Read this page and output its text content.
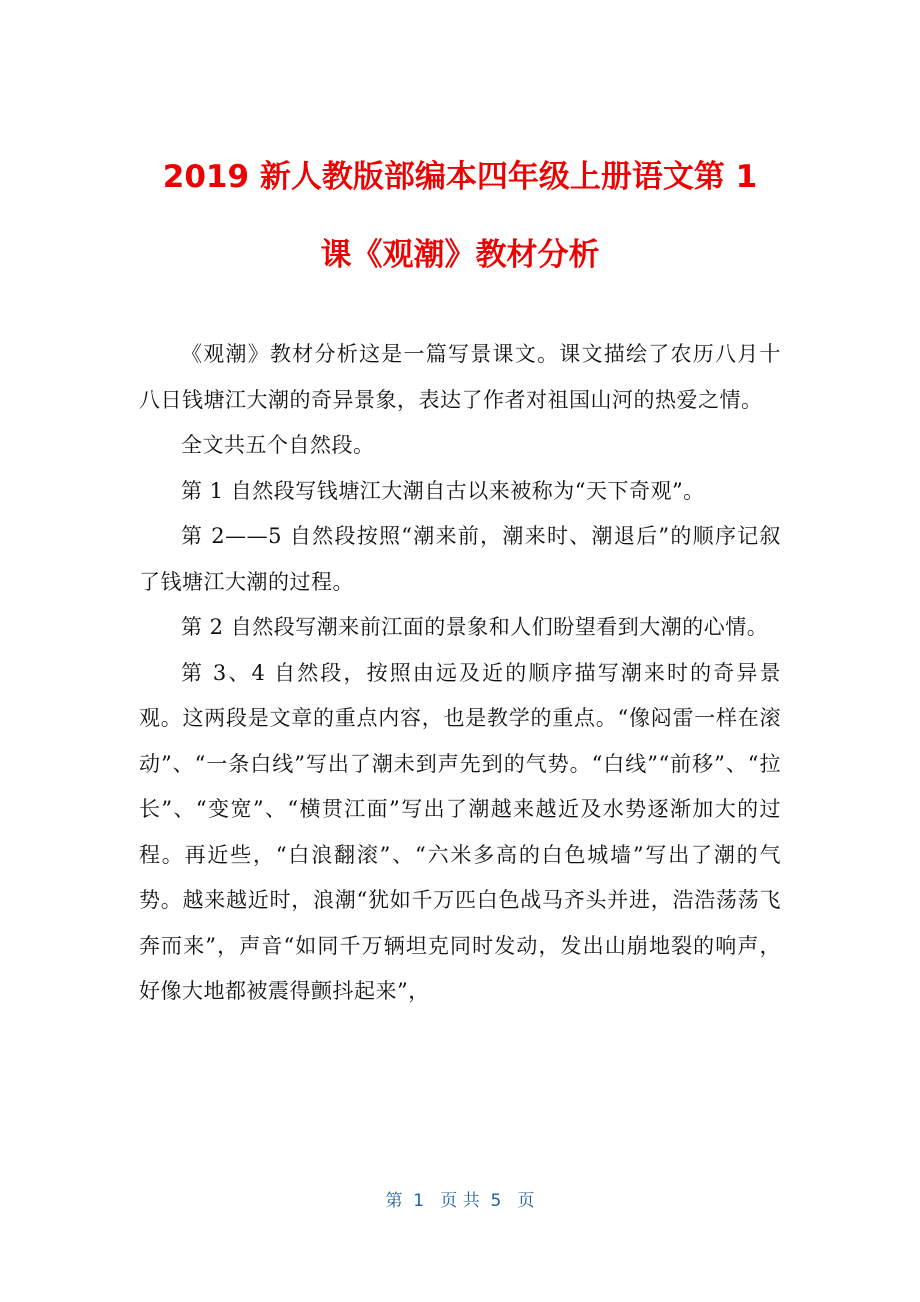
2019 新人教版部编本四年级上册语文第 1
课《观潮》教材分析

《观潮》教材分析这是一篇写景课文。课文描绘了农历八月十八日钱塘江大潮的奇异景象，表达了作者对祖国山河的热爱之情。

全文共五个自然段。

第 1 自然段写钱塘江大潮自古以来被称为“天下奇观”。

第 2——5 自然段按照“潮来前，潮来时、潮退后”的顺序记叙了钱塘江大潮的过程。

第 2 自然段写潮来前江面的景象和人们盼望看到大潮的心情。

第 3、4 自然段，按照由远及近的顺序描写潮来时的奇异景观。这两段是文章的重点内容，也是教学的重点。“像闷雷一样在滚动”、“一条白线”写出了潮未到声先到的气势。“白线”“前移”、“拉长”、“变宽”、“横贯江面”写出了潮越来越近及水势逐渐加大的过程。再近些，“白浪翻滚”、“六米多高的白色城墙”写出了潮的气势。越来越近时，浪潮“犹如千万匹白色战马齐头并进，浩浩荡荡飞奔而来”，声音“如同千万辆坦克同时发动，发出山崩地裂的响声，好像大地都被震得颤抖起来”，

第  1   页 共  5   页
